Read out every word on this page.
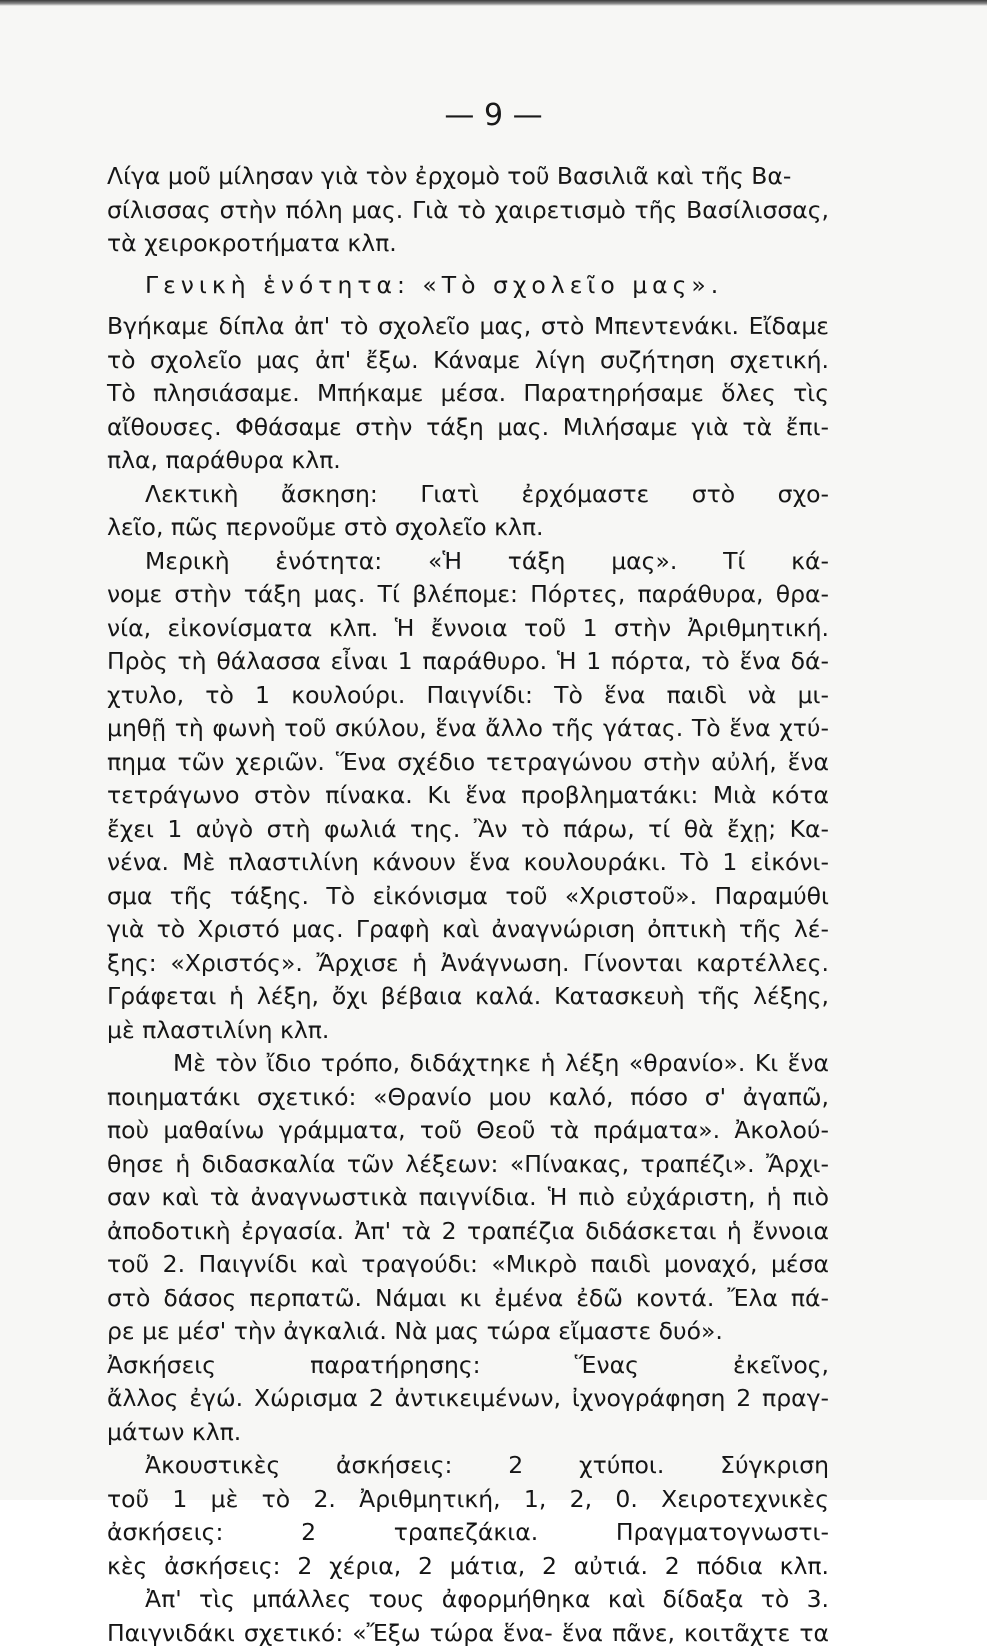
— 9 —
Λίγα μοῦ μίλησαν γιὰ τὸν ἐρχομὸ τοῦ Βασιλιᾶ καὶ τῆς Βα-
σίλισσας στὴν πόλη μας. Γιὰ τὸ χαιρετισμὸ τῆς Βασίλισσας,
τὰ χειροκροτήματα κλπ.
Γενικὴ ἑνότητα: «Τὸ σχολεῖο μας».
Βγήκαμε δίπλα ἀπ' τὸ σχολεῖο μας, στὸ Μπεντενάκι. Εἴδαμε
τὸ σχολεῖο μας ἀπ' ἔξω. Κάναμε λίγη συζήτηση σχετική.
Τὸ πλησιάσαμε. Μπήκαμε μέσα. Παρατηρήσαμε ὅλες τὶς
αἴθουσες. Φθάσαμε στὴν τάξη μας. Μιλήσαμε γιὰ τὰ ἔπι-
πλα, παράθυρα κλπ.
Λεκτικὴ ἄσκηση: Γιατὶ ἐρχόμαστε στὸ σχο-
λεῖο, πῶς περνοῦμε στὸ σχολεῖο κλπ.
Μερικὴ ἑνότητα: «Ἡ τάξη μας». Τί κά-
νομε στὴν τάξη μας. Τί βλέπομε: Πόρτες, παράθυρα, θρα-
νία, εἰκονίσματα κλπ. Ἡ ἔννοια τοῦ 1 στὴν Ἀριθμητική.
Πρὸς τὴ θάλασσα εἶναι 1 παράθυρο. Ἡ 1 πόρτα, τὸ ἕνα δά-
χτυλο, τὸ 1 κουλούρι. Παιγνίδι: Τὸ ἕνα παιδὶ νὰ μι-
μηθῇ τὴ φωνὴ τοῦ σκύλου, ἕνα ἄλλο τῆς γάτας. Τὸ ἕνα χτύ-
πημα τῶν χεριῶν. Ἕνα σχέδιο τετραγώνου στὴν αὐλή, ἕνα
τετράγωνο στὸν πίνακα. Κι ἕνα προβληματάκι: Μιὰ κότα
ἔχει 1 αὐγὸ στὴ φωλιά της. Ἂν τὸ πάρω, τί θὰ ἔχῃ; Κα-
νένα. Μὲ πλαστιλίνη κάνουν ἕνα κουλουράκι. Τὸ 1 εἰκόνι-
σμα τῆς τάξης. Τὸ εἰκόνισμα τοῦ «Χριστοῦ». Παραμύθι
γιὰ τὸ Χριστό μας. Γραφὴ καὶ ἀναγνώριση ὀπτικὴ τῆς λέ-
ξης: «Χριστός». Ἄρχισε ἡ Ἀνάγνωση. Γίνονται καρτέλλες.
Γράφεται ἡ λέξη, ὄχι βέβαια καλά. Κατασκευὴ τῆς λέξης,
μὲ πλαστιλίνη κλπ.
Μὲ τὸν ἴδιο τρόπο, διδάχτηκε ἡ λέξη «θρανίο». Κι ἕνα
ποιηματάκι σχετικό: «Θρανίο μου καλό, πόσο σ' ἀγαπῶ,
ποὺ μαθαίνω γράμματα, τοῦ Θεοῦ τὰ πράματα». Ἀκολού-
θησε ἡ διδασκαλία τῶν λέξεων: «Πίνακας, τραπέζι». Ἄρχι-
σαν καὶ τὰ ἀναγνωστικὰ παιγνίδια. Ἡ πιὸ εὐχάριστη, ἡ πιὸ
ἀποδοτικὴ ἐργασία. Ἀπ' τὰ 2 τραπέζια διδάσκεται ἡ ἔννοια
τοῦ 2. Παιγνίδι καὶ τραγούδι: «Μικρὸ παιδὶ μοναχό, μέσα
στὸ δάσος περπατῶ. Νάμαι κι ἐμένα ἐδῶ κοντά. Ἔλα πά-
ρε με μέσ' τὴν ἀγκαλιά. Νὰ μας τώρα εἴμαστε δυό».
Ἀσκήσεις παρατήρησης: Ἕνας ἐκεῖνος,
ἄλλος ἐγώ. Χώρισμα 2 ἀντικειμένων, ἰχνογράφηση 2 πραγ-
μάτων κλπ.
Ἀκουστικὲς ἀσκήσεις: 2 χτύποι. Σύγκριση
τοῦ 1 μὲ τὸ 2. Ἀριθμητική, 1, 2, 0. Χειροτεχνικὲς
ἀσκήσεις: 2 τραπεζάκια. Πραγματογνωστι-
κὲς ἀσκήσεις: 2 χέρια, 2 μάτια, 2 αὐτιά. 2 πόδια κλπ.
Ἀπ' τὶς μπάλλες τους ἀφορμήθηκα καὶ δίδαξα τὸ 3.
Παιγνιδάκι σχετικό: «Ἔξω τώρα ἕνα- ἕνα πᾶνε, κοιτᾶχτε τα
